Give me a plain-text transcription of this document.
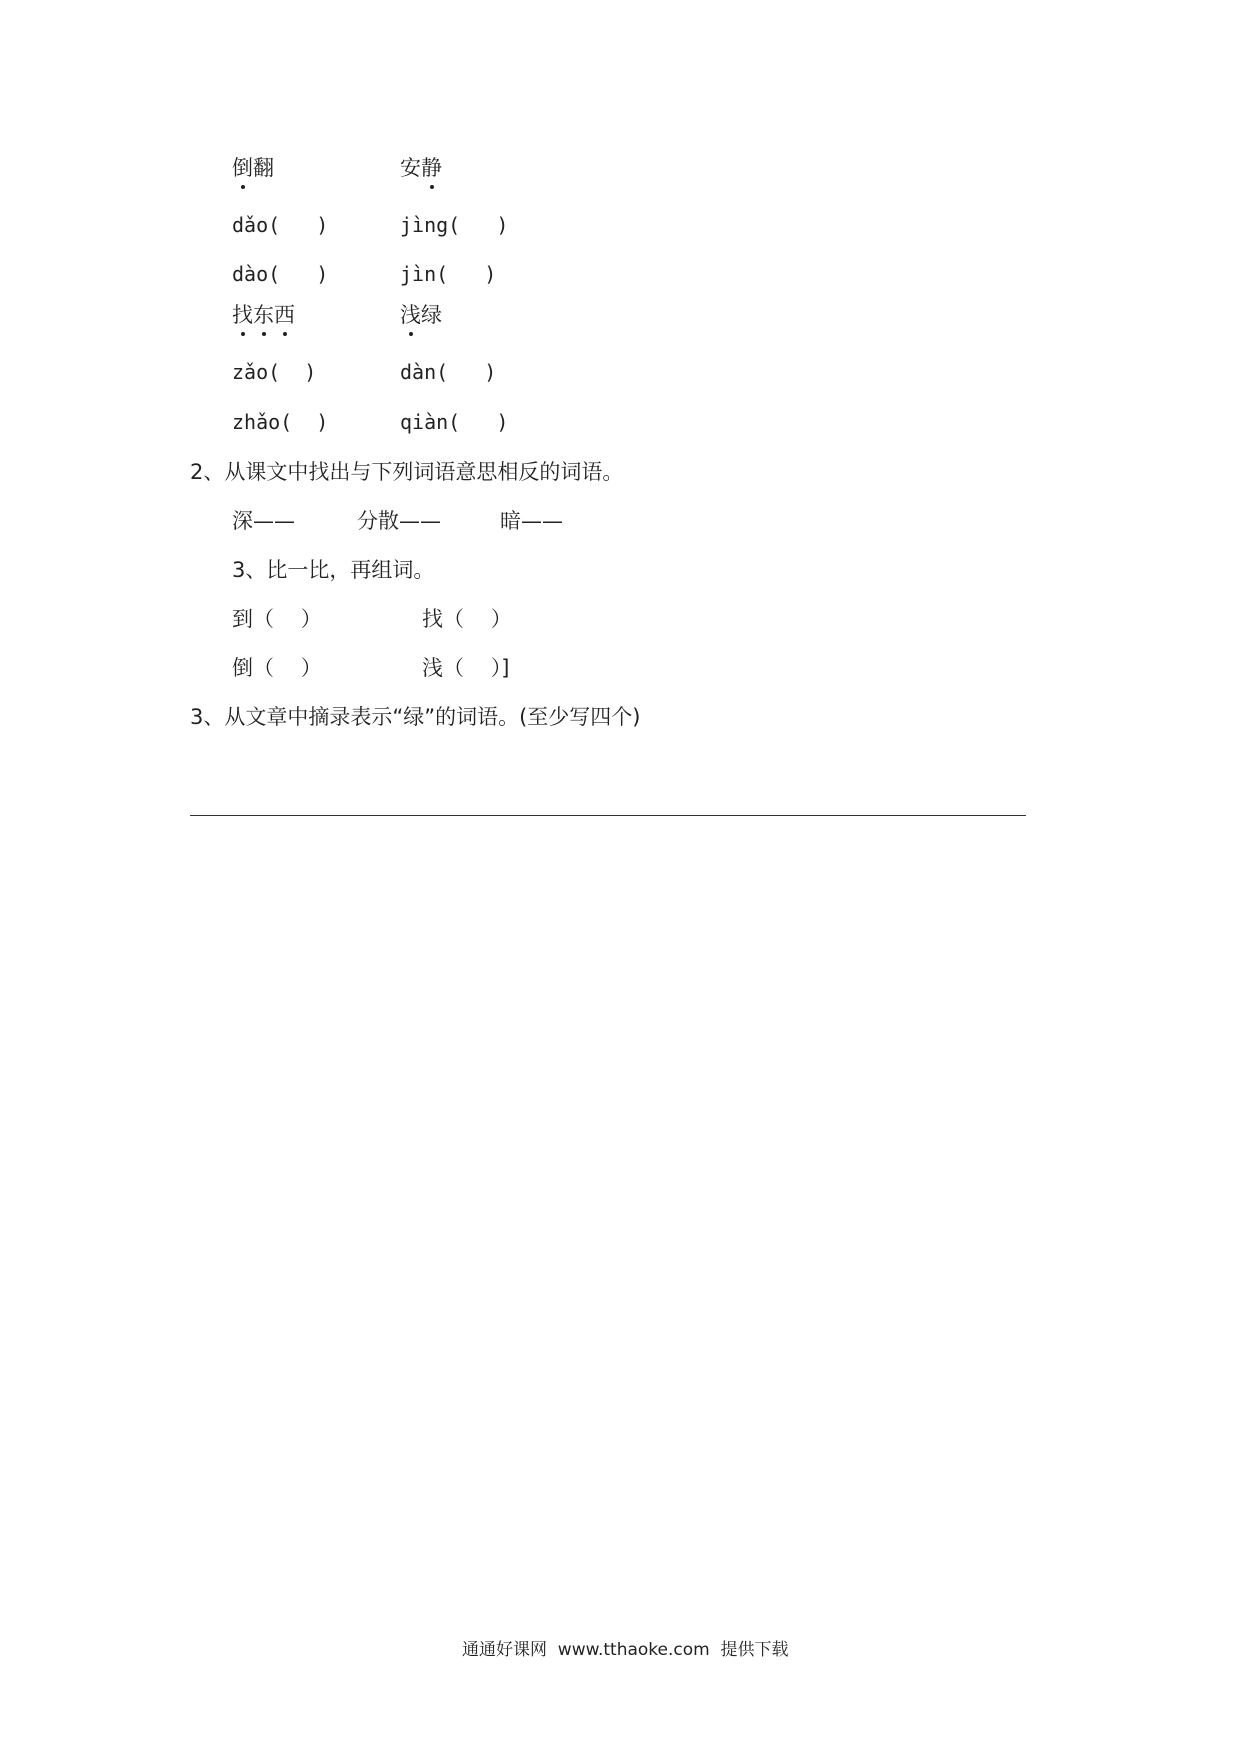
倒翻	安静
dǎo(   )	jìng(   )
dào(   )	jìn(   )
找东西	浅绿
zǎo(  )	dàn(   )
zhǎo(  )	qiàn(   )
2、从课文中找出与下列词语意思相反的词语。
深——	分散——	暗——
3、比一比，再组词。
到（    ）	找（    ）
倒（    ）	浅（    ）]
3、从文章中摘录表示“绿”的词语。(至少写四个)
通通好课网  www.tthaoke.com  提供下载
